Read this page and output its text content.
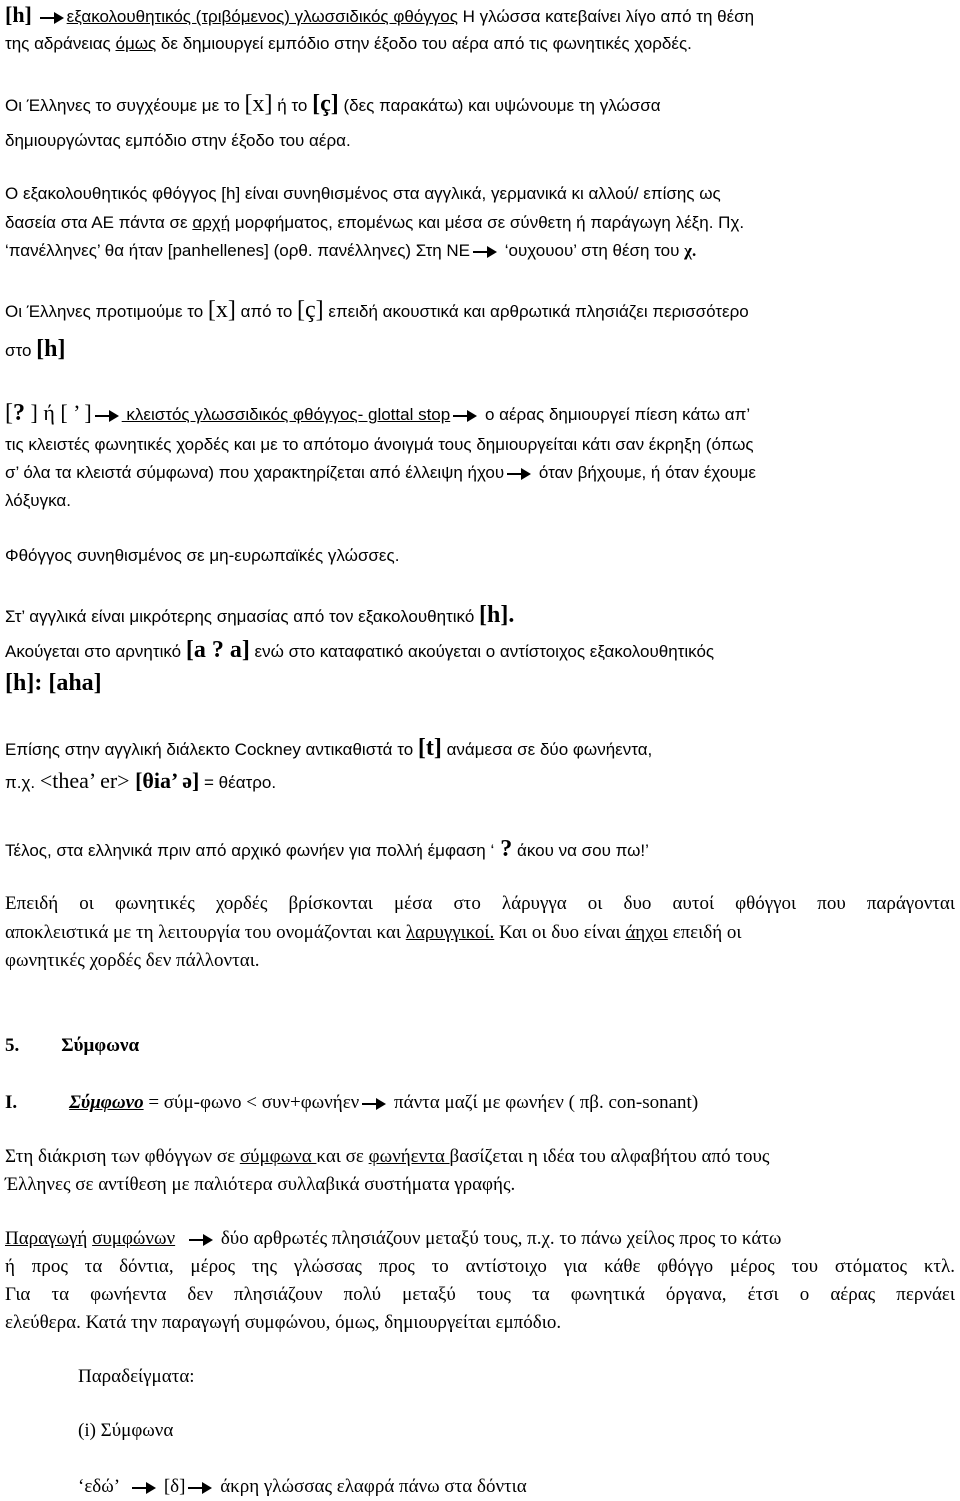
[h] εξακολουθητικός (τριβόμενος) γλωσσιδικός φθόγγος Η γλώσσα κατεβαίνει λίγο από τη θέση
της αδράνειας όμως δε δημιουργεί εμπόδιο στην έξοδο του αέρα από τις φωνητικές χορδές.
Οι Έλληνες το συγχέουμε με το [x] ή το [ç] (δες παρακάτω) και υψώνουμε τη γλώσσα
δημιουργώντας εμπόδιο στην έξοδο του αέρα.
Ο εξακολουθητικός φθόγγος [h] είναι συνηθισμένος στα αγγλικά, γερμανικά κι αλλού/ επίσης ως
δασεία στα ΑΕ πάντα σε αρχή μορφήματος, επομένως και μέσα σε σύνθετη ή παράγωγη λέξη. Πχ.
‘πανέλληνες’ θα ήταν [panhellenes] (ορθ. πανέλληνες) Στη ΝΕ ‘ουχουου’ στη θέση του χ.
Οι Έλληνες προτιμούμε το [x] από το [ç] επειδή ακουστικά και αρθρωτικά πλησιάζει περισσότερο
στο [h]
[? ] ή [ ’ ] κλειστός γλωσσιδικός φθόγγος- glottal stop ο αέρας δημιουργεί πίεση κάτω απ’
τις κλειστές φωνητικές χορδές και με το απότομο άνοιγμά τους δημιουργείται κάτι σαν έκρηξη (όπως
σ’ όλα τα κλειστά σύμφωνα) που χαρακτηρίζεται από έλλειψη ήχου όταν βήχουμε, ή όταν έχουμε
λόξυγκα.
Φθόγγος συνηθισμένος σε μη-ευρωπαϊκές γλώσσες.
Στ’ αγγλικά είναι μικρότερης σημασίας από τον εξακολουθητικό [h].
Ακούγεται στο αρνητικό [a ? a] ενώ στο καταφατικό ακούγεται ο αντίστοιχος εξακολουθητικός
[h]: [aha]
Επίσης στην αγγλική διάλεκτο Cockney αντικαθιστά το [t] ανάμεσα σε δύο φωνήεντα,
π.χ. <thea’ er> [θia’ ə] = θέατρο.
Τέλος, στα ελληνικά πριν από αρχικό φωνήεν για πολλή έμφαση ‘ ? άκου να σου πω!’
Επειδή οι φωνητικές χορδές βρίσκονται μέσα στο λάρυγγα οι δυο αυτοί φθόγγοι που παράγονται
αποκλειστικά με τη λειτουργία του ονομάζονται και λαρυγγικοί. Και οι δυο είναι άηχοι επειδή οι
φωνητικές χορδές δεν πάλλονται.
5. Σύμφωνα
I.	Σύμφωνο = σύμ-φωνο < συν+φωνήεν πάντα μαζί με φωνήεν ( πβ. con-sonant)
Στη διάκριση των φθόγγων σε σύμφωνα και σε φωνήεντα βασίζεται η ιδέα του αλφαβήτου από τους
Έλληνες σε αντίθεση με παλιότερα συλλαβικά συστήματα γραφής.
Παραγωγή συμφώνων δύο αρθρωτές πλησιάζουν μεταξύ τους, π.χ. το πάνω χείλος προς το κάτω
ή προς τα δόντια, μέρος της γλώσσας προς το αντίστοιχο για κάθε φθόγγο μέρος του στόματος κτλ.
Για τα φωνήεντα δεν πλησιάζουν πολύ μεταξύ τους τα φωνητικά όργανα, έτσι ο αέρας περνάει
ελεύθερα. Κατά την παραγωγή συμφώνου, όμως, δημιουργείται εμπόδιο.
Παραδείγματα:
(i) Σύμφωνα
‘εδώ’ [δ] άκρη γλώσσας ελαφρά πάνω στα δόντια
